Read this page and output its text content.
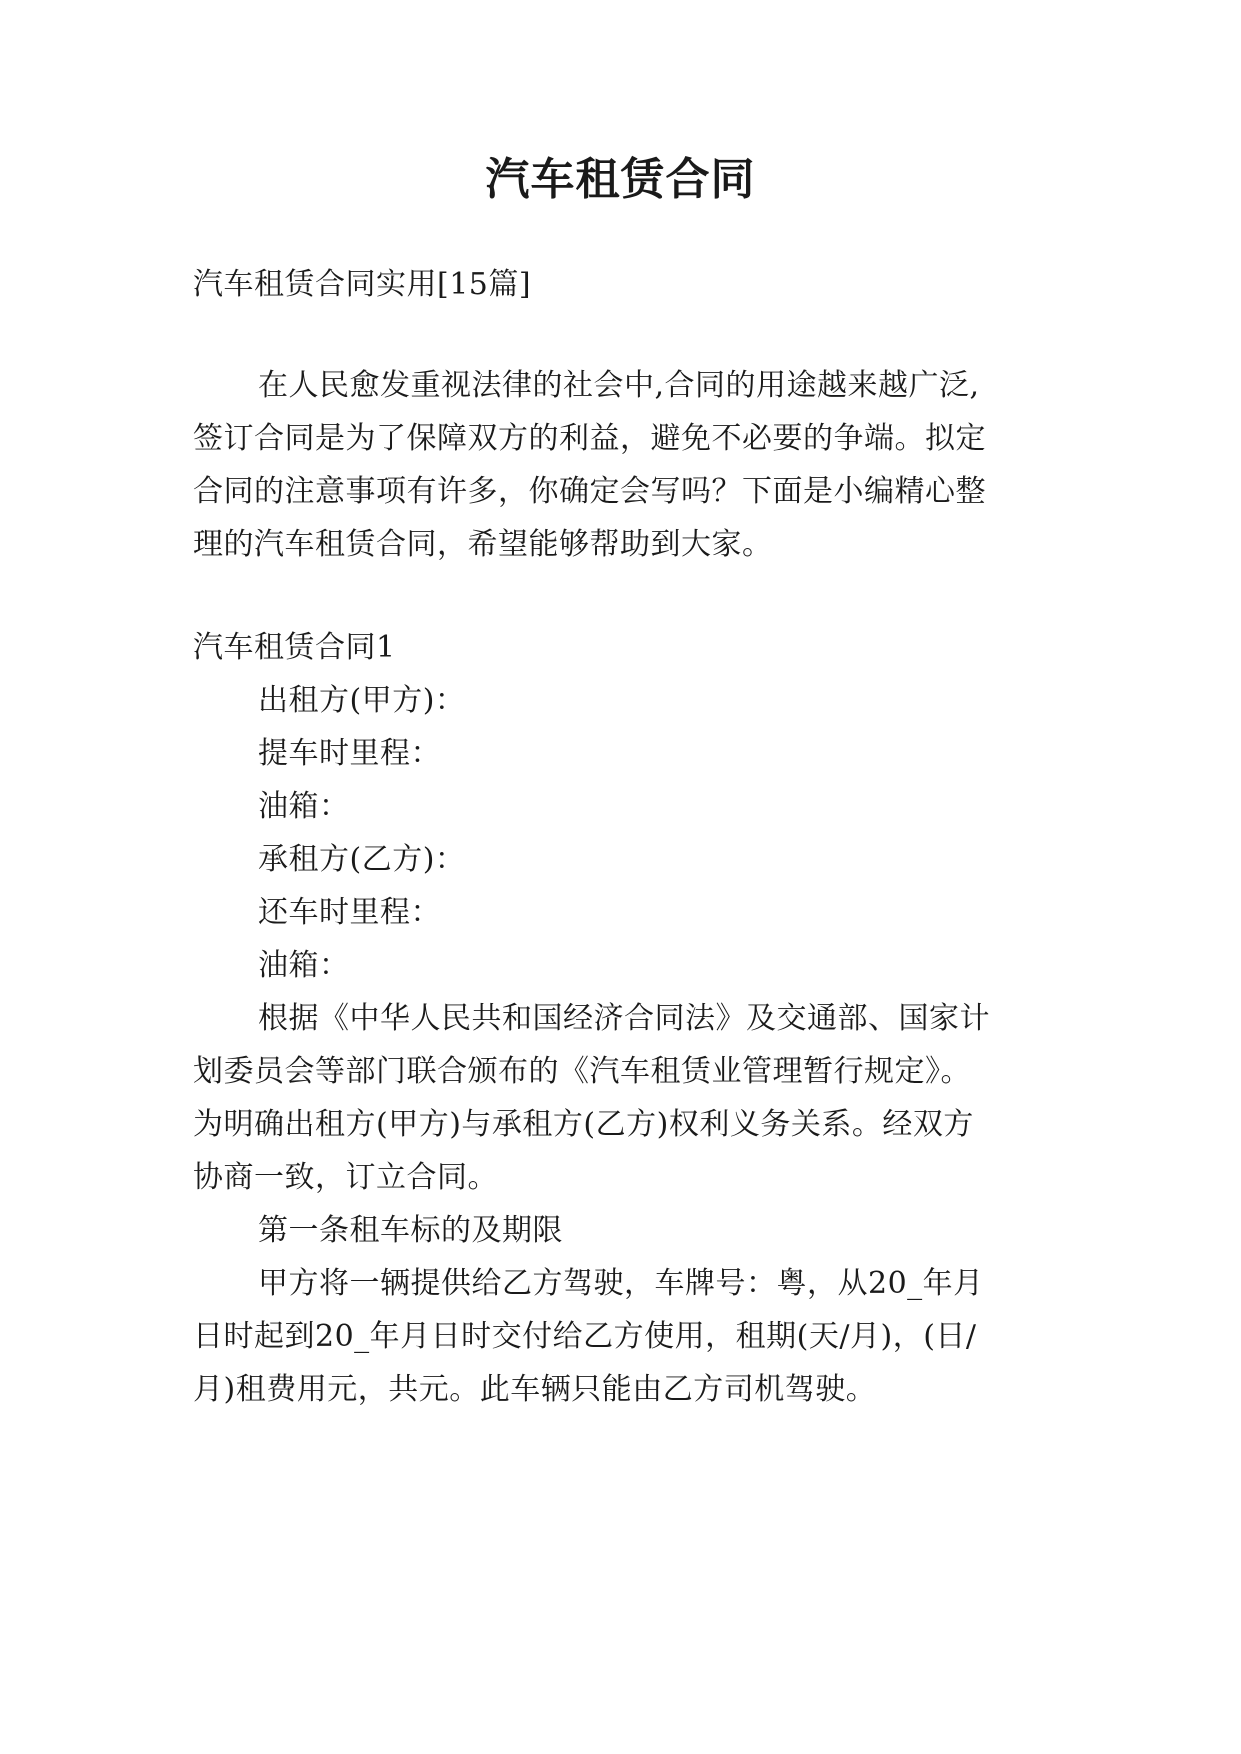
汽车租赁合同
汽车租赁合同实用[15篇]
在人民愈发重视法律的社会中,合同的用途越来越广泛,
签订合同是为了保障双方的利益，避免不必要的争端。拟定
合同的注意事项有许多，你确定会写吗？下面是小编精心整
理的汽车租赁合同，希望能够帮助到大家。
汽车租赁合同1
出租方(甲方)：
提车时里程：
油箱：
承租方(乙方)：
还车时里程：
油箱：
根据《中华人民共和国经济合同法》及交通部、国家计
划委员会等部门联合颁布的《汽车租赁业管理暂行规定》。
为明确出租方(甲方)与承租方(乙方)权利义务关系。经双方
协商一致，订立合同。
第一条租车标的及期限
甲方将一辆提供给乙方驾驶，车牌号：粤，从20_年月
日时起到20_年月日时交付给乙方使用，租期(天/月)，(日/
月)租费用元，共元。此车辆只能由乙方司机驾驶。
